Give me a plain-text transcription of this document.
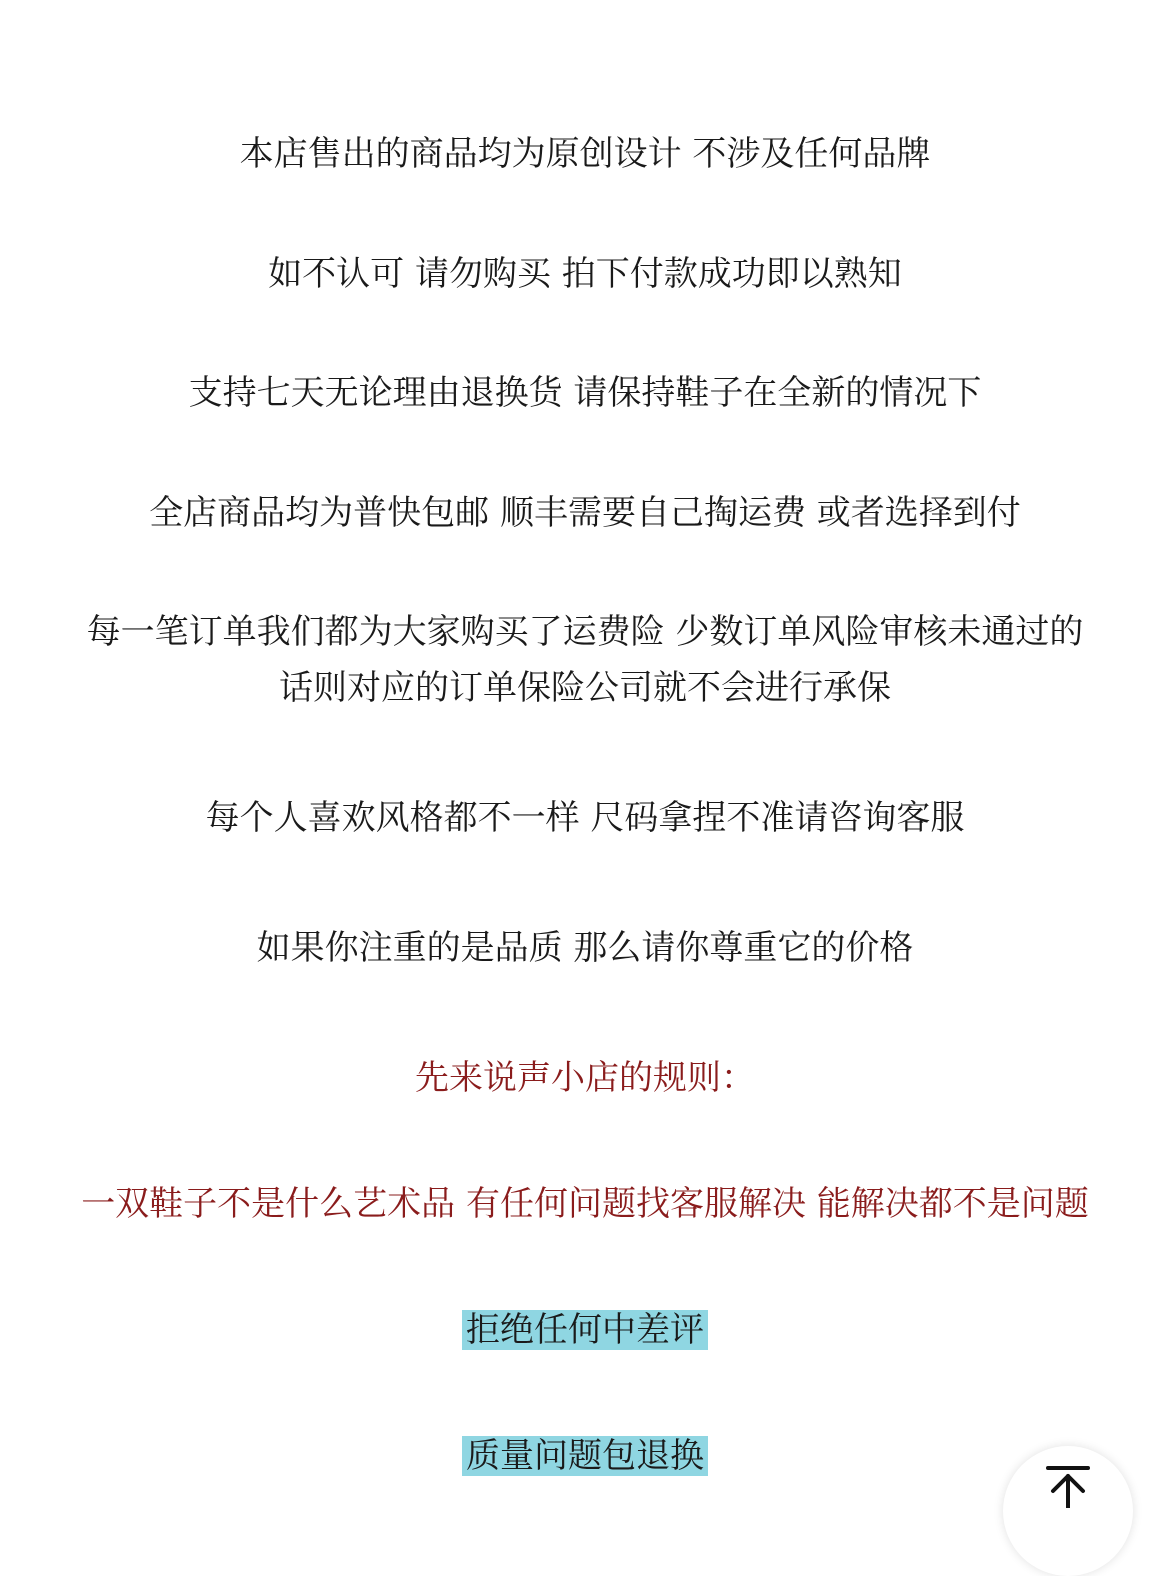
本店售出的商品均为原创设计 不涉及任何品牌
如不认可 请勿购买 拍下付款成功即以熟知
支持七天无论理由退换货 请保持鞋子在全新的情况下
全店商品均为普快包邮 顺丰需要自己掏运费 或者选择到付
每一笔订单我们都为大家购买了运费险 少数订单风险审核未通过的
话则对应的订单保险公司就不会进行承保
每个人喜欢风格都不一样 尺码拿捏不准请咨询客服
如果你注重的是品质 那么请你尊重它的价格
先来说声小店的规则：
一双鞋子不是什么艺术品 有任何问题找客服解决 能解决都不是问题
拒绝任何中差评
质量问题包退换
